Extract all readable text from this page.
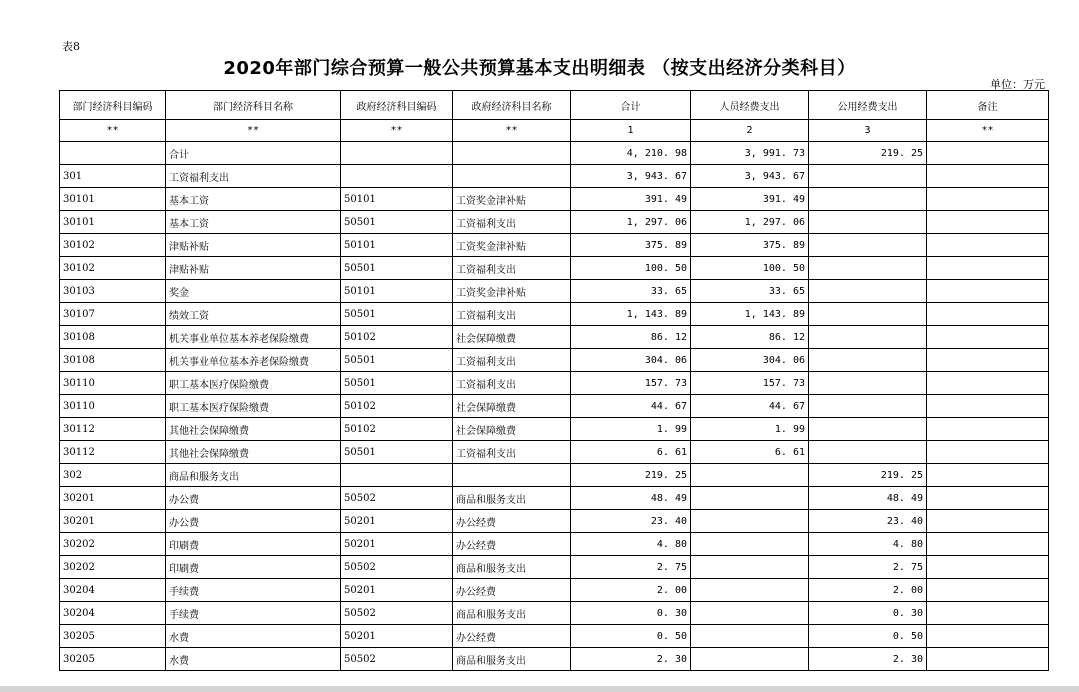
表8
2020年部门综合预算一般公共预算基本支出明细表 （按支出经济分类科目）
单位：万元
部门经济科目编码	部门经济科目名称	政府经济科目编码	政府经济科目名称	合计	人员经费支出	公用经费支出	备注
**	**	**	**	1	2	3	**
	合计			4, 210. 98	3, 991. 73	219. 25	
301	工资福利支出			3, 943. 67	3, 943. 67		
30101	基本工资	50101	工资奖金津补贴	391. 49	391. 49		
30101	基本工资	50501	工资福利支出	1, 297. 06	1, 297. 06		
30102	津贴补贴	50101	工资奖金津补贴	375. 89	375. 89		
30102	津贴补贴	50501	工资福利支出	100. 50	100. 50		
30103	奖金	50101	工资奖金津补贴	33. 65	33. 65		
30107	绩效工资	50501	工资福利支出	1, 143. 89	1, 143. 89		
30108	机关事业单位基本养老保险缴费	50102	社会保障缴费	86. 12	86. 12		
30108	机关事业单位基本养老保险缴费	50501	工资福利支出	304. 06	304. 06		
30110	职工基本医疗保险缴费	50501	工资福利支出	157. 73	157. 73		
30110	职工基本医疗保险缴费	50102	社会保障缴费	44. 67	44. 67		
30112	其他社会保障缴费	50102	社会保障缴费	1. 99	1. 99		
30112	其他社会保障缴费	50501	工资福利支出	6. 61	6. 61		
302	商品和服务支出			219. 25		219. 25	
30201	办公费	50502	商品和服务支出	48. 49		48. 49	
30201	办公费	50201	办公经费	23. 40		23. 40	
30202	印刷费	50201	办公经费	4. 80		4. 80	
30202	印刷费	50502	商品和服务支出	2. 75		2. 75	
30204	手续费	50201	办公经费	2. 00		2. 00	
30204	手续费	50502	商品和服务支出	0. 30		0. 30	
30205	水费	50201	办公经费	0. 50		0. 50	
30205	水费	50502	商品和服务支出	2. 30		2. 30	
